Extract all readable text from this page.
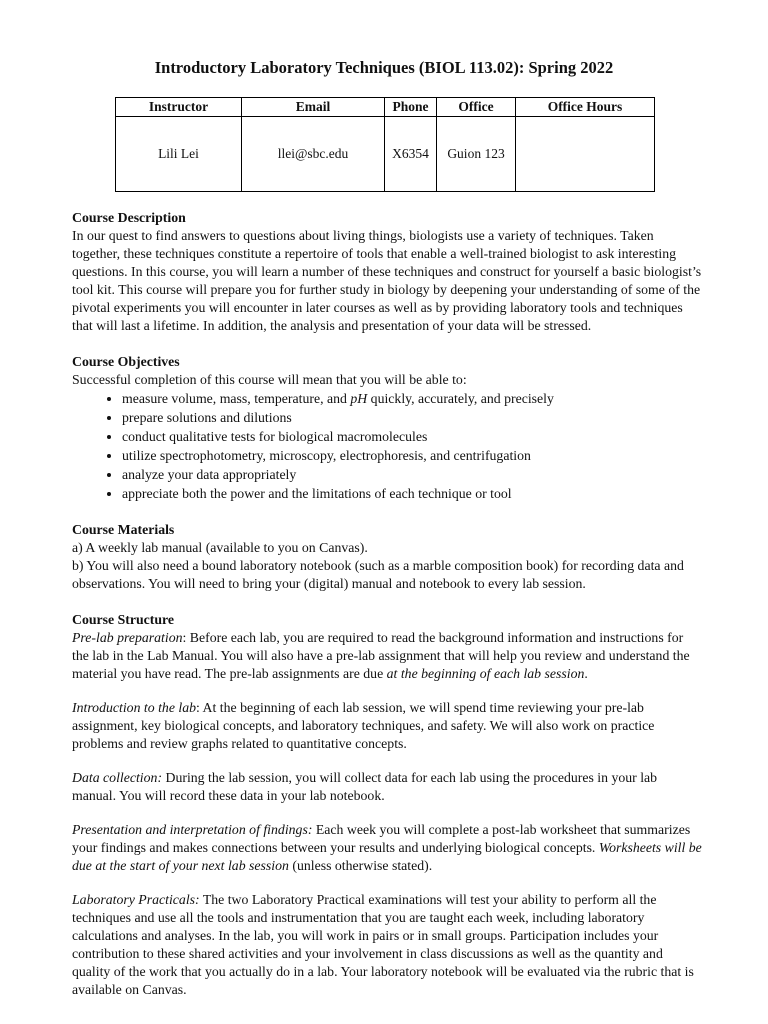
Introductory Laboratory Techniques (BIOL 113.02): Spring 2022
Instructor	Email	Phone	Office	Office Hours
Lili Lei	llei@sbc.edu	X6354	Guion 123	
Course Description

In our quest to find answers to questions about living things, biologists use a variety of techniques. Taken together, these techniques constitute a repertoire of tools that enable a well-trained biologist to ask interesting questions. In this course, you will learn a number of these techniques and construct for yourself a basic biologist’s tool kit. This course will prepare you for further study in biology by deepening your understanding of some of the pivotal experiments you will encounter in later courses as well as by providing laboratory tools and techniques that will last a lifetime. In addition, the analysis and presentation of your data will be stressed.

Course Objectives

Successful completion of this course will mean that you will be able to:

• measure volume, mass, temperature, and pH quickly, accurately, and precisely
• prepare solutions and dilutions
• conduct qualitative tests for biological macromolecules
• utilize spectrophotometry, microscopy, electrophoresis, and centrifugation
• analyze your data appropriately
• appreciate both the power and the limitations of each technique or tool
Course Materials

a) A weekly lab manual (available to you on Canvas).

b) You will also need a bound laboratory notebook (such as a marble composition book) for recording data and observations. You will need to bring your (digital) manual and notebook to every lab session.

Course Structure

Pre-lab preparation: Before each lab, you are required to read the background information and instructions for the lab in the Lab Manual. You will also have a pre-lab assignment that will help you review and understand the material you have read. The pre-lab assignments are due at the beginning of each lab session.

Introduction to the lab: At the beginning of each lab session, we will spend time reviewing your pre-lab assignment, key biological concepts, and laboratory techniques, and safety. We will also work on practice problems and review graphs related to quantitative concepts.

Data collection: During the lab session, you will collect data for each lab using the procedures in your lab manual. You will record these data in your lab notebook.

Presentation and interpretation of findings: Each week you will complete a post-lab worksheet that summarizes your findings and makes connections between your results and underlying biological concepts. Worksheets will be due at the start of your next lab session (unless otherwise stated).

Laboratory Practicals: The two Laboratory Practical examinations will test your ability to perform all the techniques and use all the tools and instrumentation that you are taught each week, including laboratory calculations and analyses. In the lab, you will work in pairs or in small groups. Participation includes your contribution to these shared activities and your involvement in class discussions as well as the quantity and quality of the work that you actually do in a lab. Your laboratory notebook will be evaluated via the rubric that is available on Canvas.
